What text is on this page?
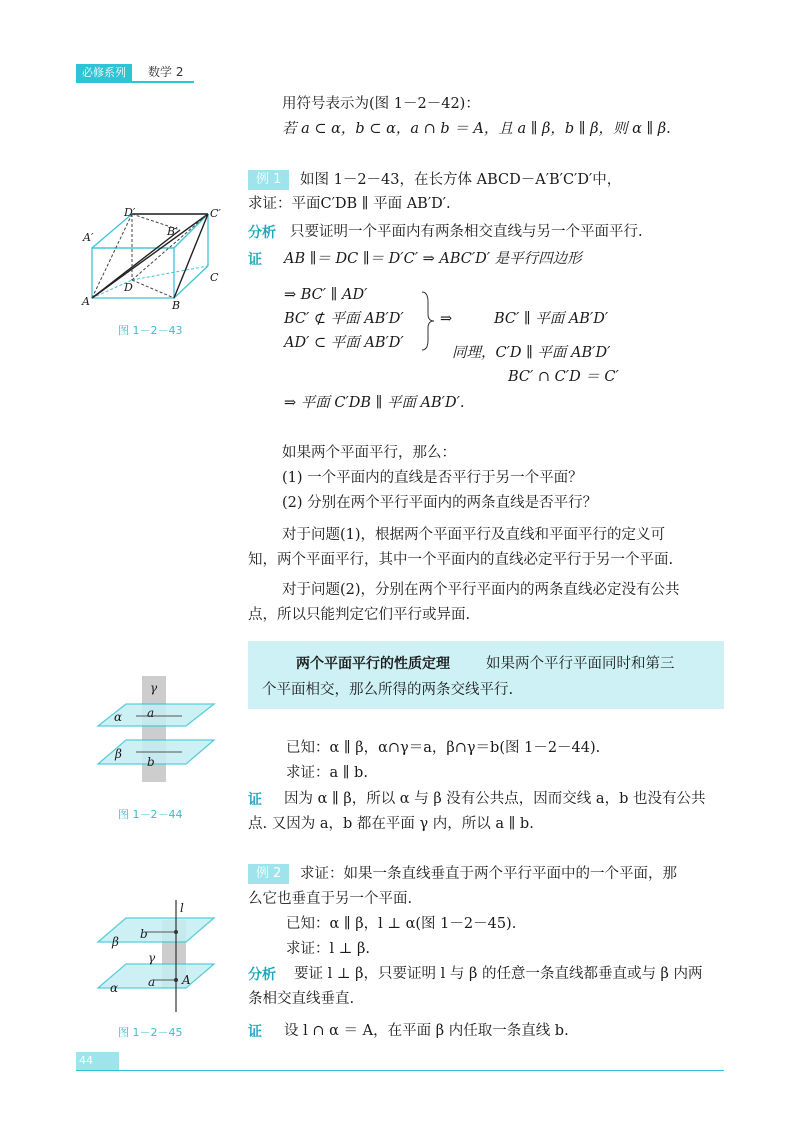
必修系列	数学 2
用符号表示为(图 1－2－42)：
若 a ⊂ α，b ⊂ α，a ∩ b ＝ A，且 a ∥ β，b ∥ β，则 α ∥ β.
例 1	如图 1－2－43，在长方体 ABCD－A′B′C′D′中，
求证：平面C′DB ∥ 平面 AB′D′.
分析 只要证明一个平面内有两条相交直线与另一个平面平行.
证 AB ∥＝ DC ∥＝ D′C′ ⇒ ABC′D′ 是平行四边形
⇒ BC′ ∥ AD′
BC′ ⊄ 平面 AB′D′
AD′ ⊂ 平面 AB′D′
⇒	BC′ ∥ 平面 AB′D′
同理，C′D ∥ 平面 AB′D′
BC′ ∩ C′D ＝ C′
⇒ 平面 C′DB ∥ 平面 AB′D′.
D′	C′
A′	B′
D
C
A	B
图 1－2－43
如果两个平面平行，那么：
(1) 一个平面内的直线是否平行于另一个平面？
(2) 分别在两个平行平面内的两条直线是否平行？
对于问题(1)，根据两个平面平行及直线和平面平行的定义可
知，两个平面平行，其中一个平面内的直线必定平行于另一个平面.
对于问题(2)，分别在两个平行平面内的两条直线必定没有公共
点，所以只能判定它们平行或异面.
两个平面平行的性质定理 如果两个平行平面同时和第三
个平面相交，那么所得的两条交线平行.
γ
α a
β
b
图 1－2－44
已知：α ∥ β，α∩γ＝a，β∩γ＝b(图 1－2－44).
求证：a ∥ b.
证 因为 α ∥ β，所以 α 与 β 没有公共点，因而交线 a，b 也没有公共
点. 又因为 a，b 都在平面 γ 内，所以 a ∥ b.
例 2	求证：如果一条直线垂直于两个平行平面中的一个平面，那
么它也垂直于另一个平面.
已知：α ∥ β，l ⊥ α(图 1－2－45).
求证：l ⊥ β.
分析 要证 l ⊥ β，只要证明 l 与 β 的任意一条直线都垂直或与 β 内两
条相交直线垂直.
证 设 l ∩ α ＝ A，在平面 β 内任取一条直线 b.
l
β
b
γ
α a A
图 1－2－45
44
